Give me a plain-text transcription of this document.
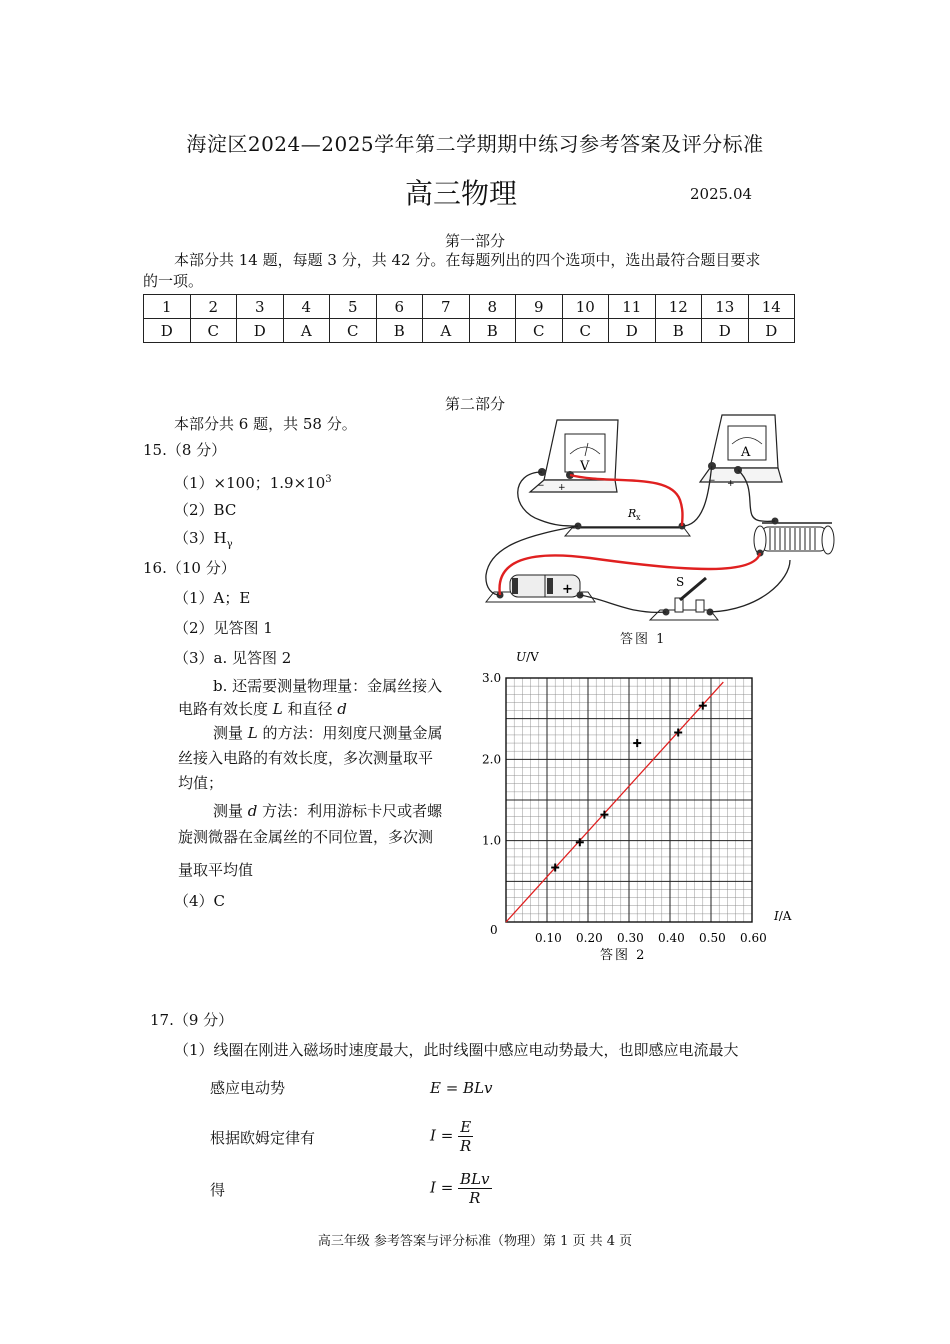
海淀区2024—2025学年第二学期期中练习参考答案及评分标准
高三物理	2025.04
第一部分
本部分共 14 题，每题 3 分，共 42 分。在每题列出的四个选项中，选出最符合题目要求
的一项。
1	2	3	4	5	6	7	8	9	10	11	12	13	14
D	C	D	A	C	B	A	B	C	C	D	B	D	D
第二部分
本部分共 6 题，共 58 分。
15.（8 分）
（1）×100；$1.9\times 10^3$
（2）BC
$(3)H_\gamma$
16.（10 分）
（1）A；E
（2）见答图 1
（3）a. 见答图 2
b. 还需要测量物理量：金属丝接入
电路有效长度 L 和直径 d
测量 L 的方法：用刻度尺测量金属
丝接入电路的有效长度，多次测量取平
均值；
测量 d 方法：利用游标卡尺或者螺
旋测微器在金属丝的不同位置，多次测
量取平均值
（4）C
V
− +
A
− +
R x
+	S
答图 1
0.10 0.20 0.30 0.40 0.50 0.60
1.0
2.0
3.0
U/V
I/A
0
答图 2
17.（9 分）
（1）线圈在刚进入磁场时速度最大，此时线圈中感应电动势最大，也即感应电流最大
感应电动势	E = BLv
根据欧姆定律有	$I = \frac{E}{R}$
得	$I = \frac{\text{BLv}}{R}$
高三年级 参考答案与评分标准（物理）第 1 页 共 4 页
